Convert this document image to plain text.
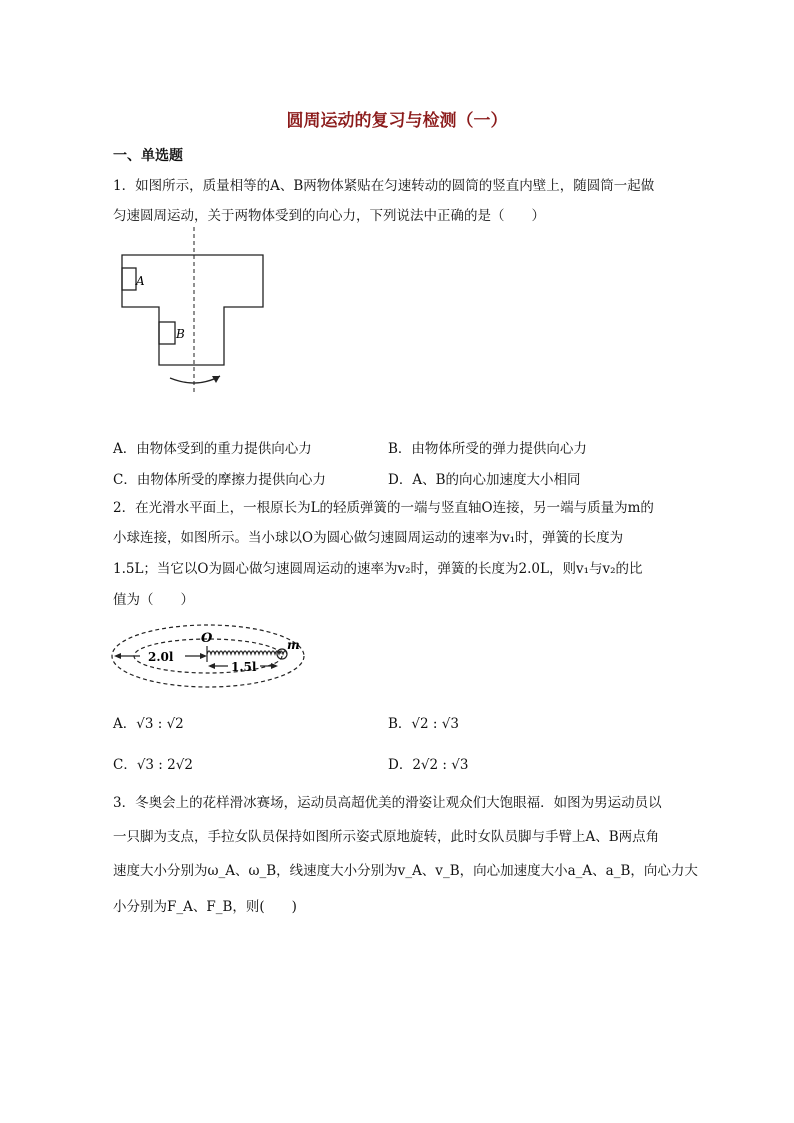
圆周运动的复习与检测（一）
一、单选题
1．如图所示，质量相等的A、B两物体紧贴在匀速转动的圆筒的竖直内壁上，随圆筒一起做
匀速圆周运动，关于两物体受到的向心力，下列说法中正确的是（　　）
A
B
A．由物体受到的重力提供向心力	B．由物体所受的弹力提供向心力
C．由物体所受的摩擦力提供向心力	D．A、B的向心加速度大小相同
2．在光滑水平面上，一根原长为L的轻质弹簧的一端与竖直轴O连接，另一端与质量为m的
小球连接，如图所示。当小球以O为圆心做匀速圆周运动的速率为v₁时，弹簧的长度为
1.5L；当它以O为圆心做匀速圆周运动的速率为v₂时，弹簧的长度为2.0L，则v₁与v₂的比
值为（　　）
O	m
2.0l
1.5l
A．√3 : √2	B．√2 : √3
C．√3 : 2√2	D．2√2 : √3
3．冬奥会上的花样滑冰赛场，运动员高超优美的滑姿让观众们大饱眼福．如图为男运动员以
一只脚为支点，手拉女队员保持如图所示姿式原地旋转，此时女队员脚与手臂上A、B两点角
速度大小分别为ω_A、ω_B，线速度大小分别为v_A、v_B，向心加速度大小a_A、a_B，向心力大
小分别为F_A、F_B，则(　　)
